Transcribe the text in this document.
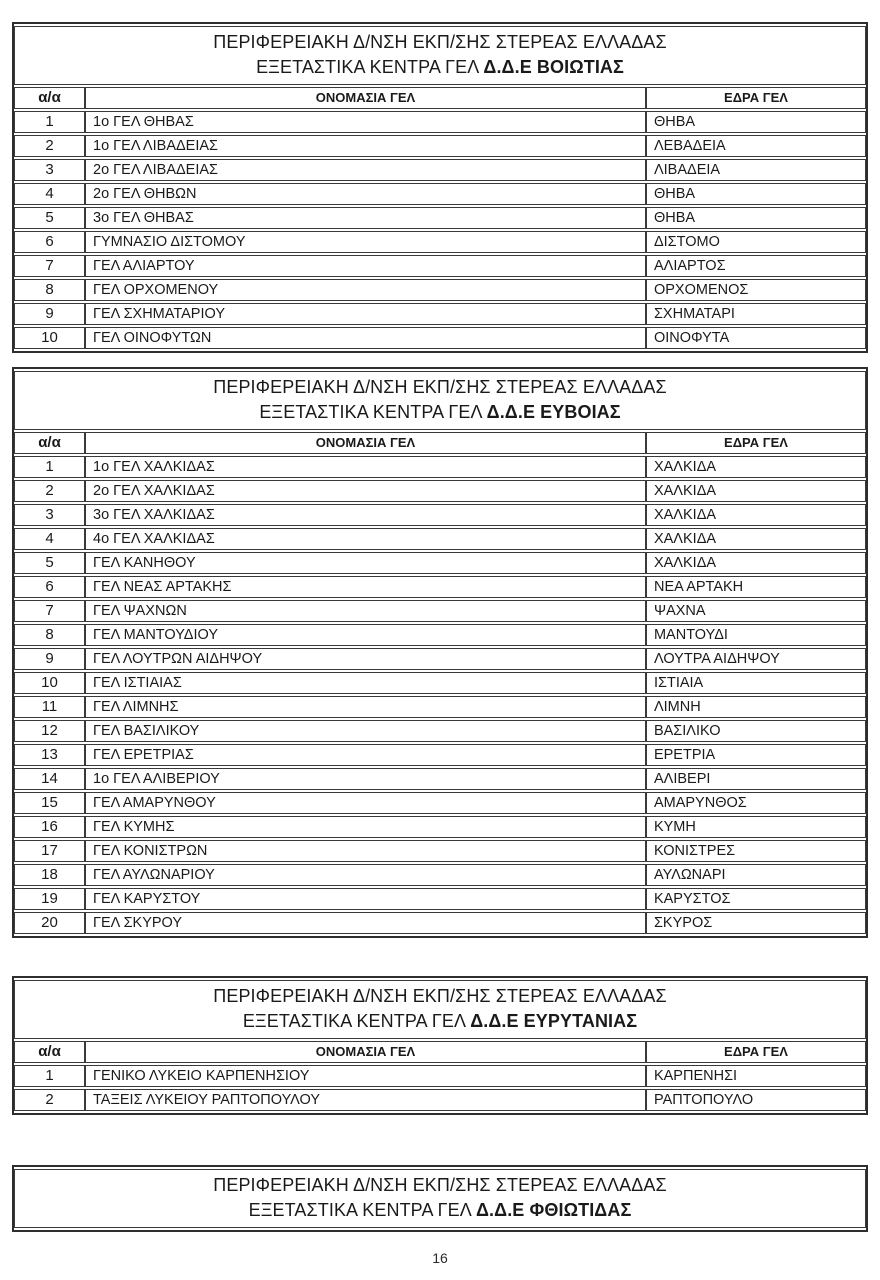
ΠΕΡΙΦΕΡΕΙΑΚΗ Δ/ΝΣΗ ΕΚΠ/ΣΗΣ ΣΤΕΡΕΑΣ ΕΛΛΑΔΑΣ
ΕΞΕΤΑΣΤΙΚΑ ΚΕΝΤΡΑ ΓΕΛ Δ.Δ.Ε ΒΟΙΩΤΙΑΣ		

α/α	ΟΝΟΜΑΣΙΑ ΓΕΛ	ΕΔΡΑ ΓΕΛ
1	1ο ΓΕΛ ΘΗΒΑΣ	ΘΗΒΑ
2	1ο ΓΕΛ ΛΙΒΑΔΕΙΑΣ	ΛΕΒΑΔΕΙΑ
3	2ο ΓΕΛ ΛΙΒΑΔΕΙΑΣ	ΛΙΒΑΔΕΙΑ
4	2ο ΓΕΛ ΘΗΒΩΝ	ΘΗΒΑ
5	3ο ΓΕΛ ΘΗΒΑΣ	ΘΗΒΑ
6	ΓΥΜΝΑΣΙΟ ΔΙΣΤΟΜΟΥ	ΔΙΣΤΟΜΟ
7	ΓΕΛ ΑΛΙΑΡΤΟΥ	ΑΛΙΑΡΤΟΣ
8	ΓΕΛ ΟΡΧΟΜΕΝΟΥ	ΟΡΧΟΜΕΝΟΣ
9	ΓΕΛ ΣΧΗΜΑΤΑΡΙΟΥ	ΣΧΗΜΑΤΑΡΙ
10	ΓΕΛ ΟΙΝΟΦΥΤΩΝ	ΟΙΝΟΦΥΤΑ
ΠΕΡΙΦΕΡΕΙΑΚΗ Δ/ΝΣΗ ΕΚΠ/ΣΗΣ ΣΤΕΡΕΑΣ ΕΛΛΑΔΑΣ
ΕΞΕΤΑΣΤΙΚΑ ΚΕΝΤΡΑ ΓΕΛ Δ.Δ.Ε ΕΥΒΟΙΑΣ		

α/α	ΟΝΟΜΑΣΙΑ ΓΕΛ	ΕΔΡΑ ΓΕΛ
1	1ο ΓΕΛ ΧΑΛΚΙΔΑΣ	ΧΑΛΚΙΔΑ
2	2ο ΓΕΛ ΧΑΛΚΙΔΑΣ	ΧΑΛΚΙΔΑ
3	3ο ΓΕΛ ΧΑΛΚΙΔΑΣ	ΧΑΛΚΙΔΑ
4	4ο ΓΕΛ ΧΑΛΚΙΔΑΣ	ΧΑΛΚΙΔΑ
5	ΓΕΛ ΚΑΝΗΘΟΥ	ΧΑΛΚΙΔΑ
6	ΓΕΛ ΝΕΑΣ ΑΡΤΑΚΗΣ	ΝΕΑ ΑΡΤΑΚΗ
7	ΓΕΛ ΨΑΧΝΩΝ	ΨΑΧΝΑ
8	ΓΕΛ ΜΑΝΤΟΥΔΙΟΥ	ΜΑΝΤΟΥΔΙ
9	ΓΕΛ ΛΟΥΤΡΩΝ ΑΙΔΗΨΟΥ	ΛΟΥΤΡΑ ΑΙΔΗΨΟΥ
10	ΓΕΛ ΙΣΤΙΑΙΑΣ	ΙΣΤΙΑΙΑ
11	ΓΕΛ ΛΙΜΝΗΣ	ΛΙΜΝΗ
12	ΓΕΛ ΒΑΣΙΛΙΚΟΥ	ΒΑΣΙΛΙΚΟ
13	ΓΕΛ ΕΡΕΤΡΙΑΣ	ΕΡΕΤΡΙΑ
14	1ο ΓΕΛ ΑΛΙΒΕΡΙΟΥ	ΑΛΙΒΕΡΙ
15	ΓΕΛ ΑΜΑΡΥΝΘΟΥ	ΑΜΑΡΥΝΘΟΣ
16	ΓΕΛ ΚΥΜΗΣ	ΚΥΜΗ
17	ΓΕΛ ΚΟΝΙΣΤΡΩΝ	ΚΟΝΙΣΤΡΕΣ
18	ΓΕΛ ΑΥΛΩΝΑΡΙΟΥ	ΑΥΛΩΝΑΡΙ
19	ΓΕΛ ΚΑΡΥΣΤΟΥ	ΚΑΡΥΣΤΟΣ
20	ΓΕΛ ΣΚΥΡΟΥ	ΣΚΥΡΟΣ
ΠΕΡΙΦΕΡΕΙΑΚΗ Δ/ΝΣΗ ΕΚΠ/ΣΗΣ ΣΤΕΡΕΑΣ ΕΛΛΑΔΑΣ
ΕΞΕΤΑΣΤΙΚΑ ΚΕΝΤΡΑ ΓΕΛ Δ.Δ.Ε ΕΥΡΥΤΑΝΙΑΣ		

α/α	ΟΝΟΜΑΣΙΑ ΓΕΛ	ΕΔΡΑ ΓΕΛ
1	ΓΕΝΙΚΟ ΛΥΚΕΙΟ ΚΑΡΠΕΝΗΣΙΟΥ	ΚΑΡΠΕΝΗΣΙ
2	ΤΑΞΕΙΣ ΛΥΚΕΙΟΥ ΡΑΠΤΟΠΟΥΛΟΥ	ΡΑΠΤΟΠΟΥΛΟ
ΠΕΡΙΦΕΡΕΙΑΚΗ Δ/ΝΣΗ ΕΚΠ/ΣΗΣ ΣΤΕΡΕΑΣ ΕΛΛΑΔΑΣ
ΕΞΕΤΑΣΤΙΚΑ ΚΕΝΤΡΑ ΓΕΛ Δ.Δ.Ε ΦΘΙΩΤΙΔΑΣ
16
